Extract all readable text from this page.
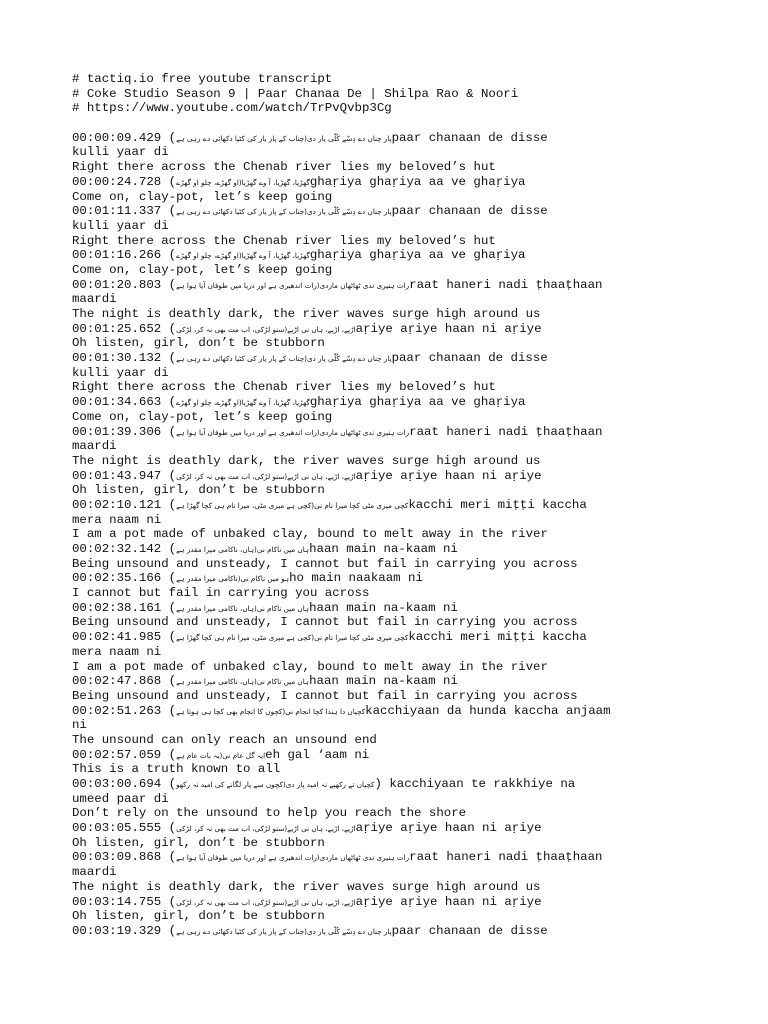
# tactiq.io free youtube transcript
# Coke Studio Season 9 | Paar Chanaa De | Shilpa Rao & Noori
# https://www.youtube.com/watch/TrPvQvbp3Cg
00:00:09.429 (پار چناں دے دِسّے کُلّی یار دی(چناب کے پار یار کی کٹیا دکھائی دے رہی ہےpaar chanaan de disse
kulli yaar di
Right there across the Chenab river lies my beloved’s hut
00:00:24.728 (گھڑیا، گھڑیا، آ وے گھڑیا(او گھڑے، چلو او گھڑےghaṛiya ghaṛiya aa ve ghaṛiya
Come on, clay-pot, let’s keep going
00:01:11.337 (پار چناں دے دِسّے کُلّی یار دی(چناب کے پار یار کی کٹیا دکھائی دے رہی ہےpaar chanaan de disse
kulli yaar di
Right there across the Chenab river lies my beloved’s hut
00:01:16.266 (گھڑیا، گھڑیا، آ وے گھڑیا(او گھڑے، چلو او گھڑےghaṛiya ghaṛiya aa ve ghaṛiya
Come on, clay-pot, let’s keep going
00:01:20.803 (رات ہنیری ندی ٹھاٹھاں ماردی(رات اندھیری ہے اور دریا میں طوفان آیا ہوا ہےraat haneri nadi ṭhaaṭhaan
maardi
The night is deathly dark, the river waves surge high around us
00:01:25.652 (اڑیے، اڑیے، ہاں نی اڑیے(سنو لڑکی، اب مت بھی نہ کر، لڑکیaṛiye aṛiye haan ni aṛiye
Oh listen, girl, don’t be stubborn
00:01:30.132 (پار چناں دے دِسّے کُلّی یار دی(چناب کے پار یار کی کٹیا دکھائی دے رہی ہےpaar chanaan de disse
kulli yaar di
Right there across the Chenab river lies my beloved’s hut
00:01:34.663 (گھڑیا، گھڑیا، آ وے گھڑیا(او گھڑے، چلو او گھڑےghaṛiya ghaṛiya aa ve ghaṛiya
Come on, clay-pot, let’s keep going
00:01:39.306 (رات ہنیری ندی ٹھاٹھاں ماردی(رات اندھیری ہے اور دریا میں طوفان آیا ہوا ہےraat haneri nadi ṭhaaṭhaan
maardi
The night is deathly dark, the river waves surge high around us
00:01:43.947 (اڑیے، اڑیے، ہاں نی اڑیے(سنو لڑکی، اب مت بھی نہ کر، لڑکیaṛiye aṛiye haan ni aṛiye
Oh listen, girl, don’t be stubborn
00:02:10.121 (کچی میری مٹی کچا میرا نام نی(کچی ہے میری مٹی، میرا نام ہی کچا گھڑا ہےkacchi meri miṭṭi kaccha
mera naam ni
I am a pot made of unbaked clay, bound to melt away in the river
00:02:32.142 (ہاں میں ناکام نی(ہاں، ناکامی میرا مقدر ہےhaan main na-kaam ni
Being unsound and unsteady, I cannot but fail in carrying you across
00:02:35.166 (ہو میں ناکام نی(ناکامی میرا مقدر ہےho main naakaam ni
I cannot but fail in carrying you across
00:02:38.161 (ہاں میں ناکام نی(ہاں، ناکامی میرا مقدر ہےhaan main na-kaam ni
Being unsound and unsteady, I cannot but fail in carrying you across
00:02:41.985 (کچی میری مٹی کچا میرا نام نی(کچی ہے میری مٹی، میرا نام ہی کچا گھڑا ہےkacchi meri miṭṭi kaccha
mera naam ni
I am a pot made of unbaked clay, bound to melt away in the river
00:02:47.868 (ہاں میں ناکام نی(ہاں، ناکامی میرا مقدر ہےhaan main na-kaam ni
Being unsound and unsteady, I cannot but fail in carrying you across
00:02:51.263 (کچیاں دا ہندا کچا انجام نی(کچوں کا انجام بھی کچا ہی ہوتا ہےkacchiyaan da hunda kaccha anjaam
ni
The unsound can only reach an unsound end
00:02:57.059 (ایہ گل عام نی(یہ بات عام ہےeh gal ‘aam ni
This is a truth known to all
00:03:00.694 (کچیاں تے رکھیے نہ امید پار دی(کچوں سے پار لگانے کی امید نہ رکھو) kacchiyaan te rakkhiye na
umeed paar di
Don’t rely on the unsound to help you reach the shore
00:03:05.555 (اڑیے، اڑیے، ہاں نی اڑیے(سنو لڑکی، اب مت بھی نہ کر، لڑکیaṛiye aṛiye haan ni aṛiye
Oh listen, girl, don’t be stubborn
00:03:09.868 (رات ہنیری ندی ٹھاٹھاں ماردی(رات اندھیری ہے اور دریا میں طوفان آیا ہوا ہےraat haneri nadi ṭhaaṭhaan
maardi
The night is deathly dark, the river waves surge high around us
00:03:14.755 (اڑیے، اڑیے، ہاں نی اڑیے(سنو لڑکی، اب مت بھی نہ کر، لڑکیaṛiye aṛiye haan ni aṛiye
Oh listen, girl, don’t be stubborn
00:03:19.329 (پار چناں دے دِسّے کُلّی یار دی(چناب کے پار یار کی کٹیا دکھائی دے رہی ہےpaar chanaan de disse
